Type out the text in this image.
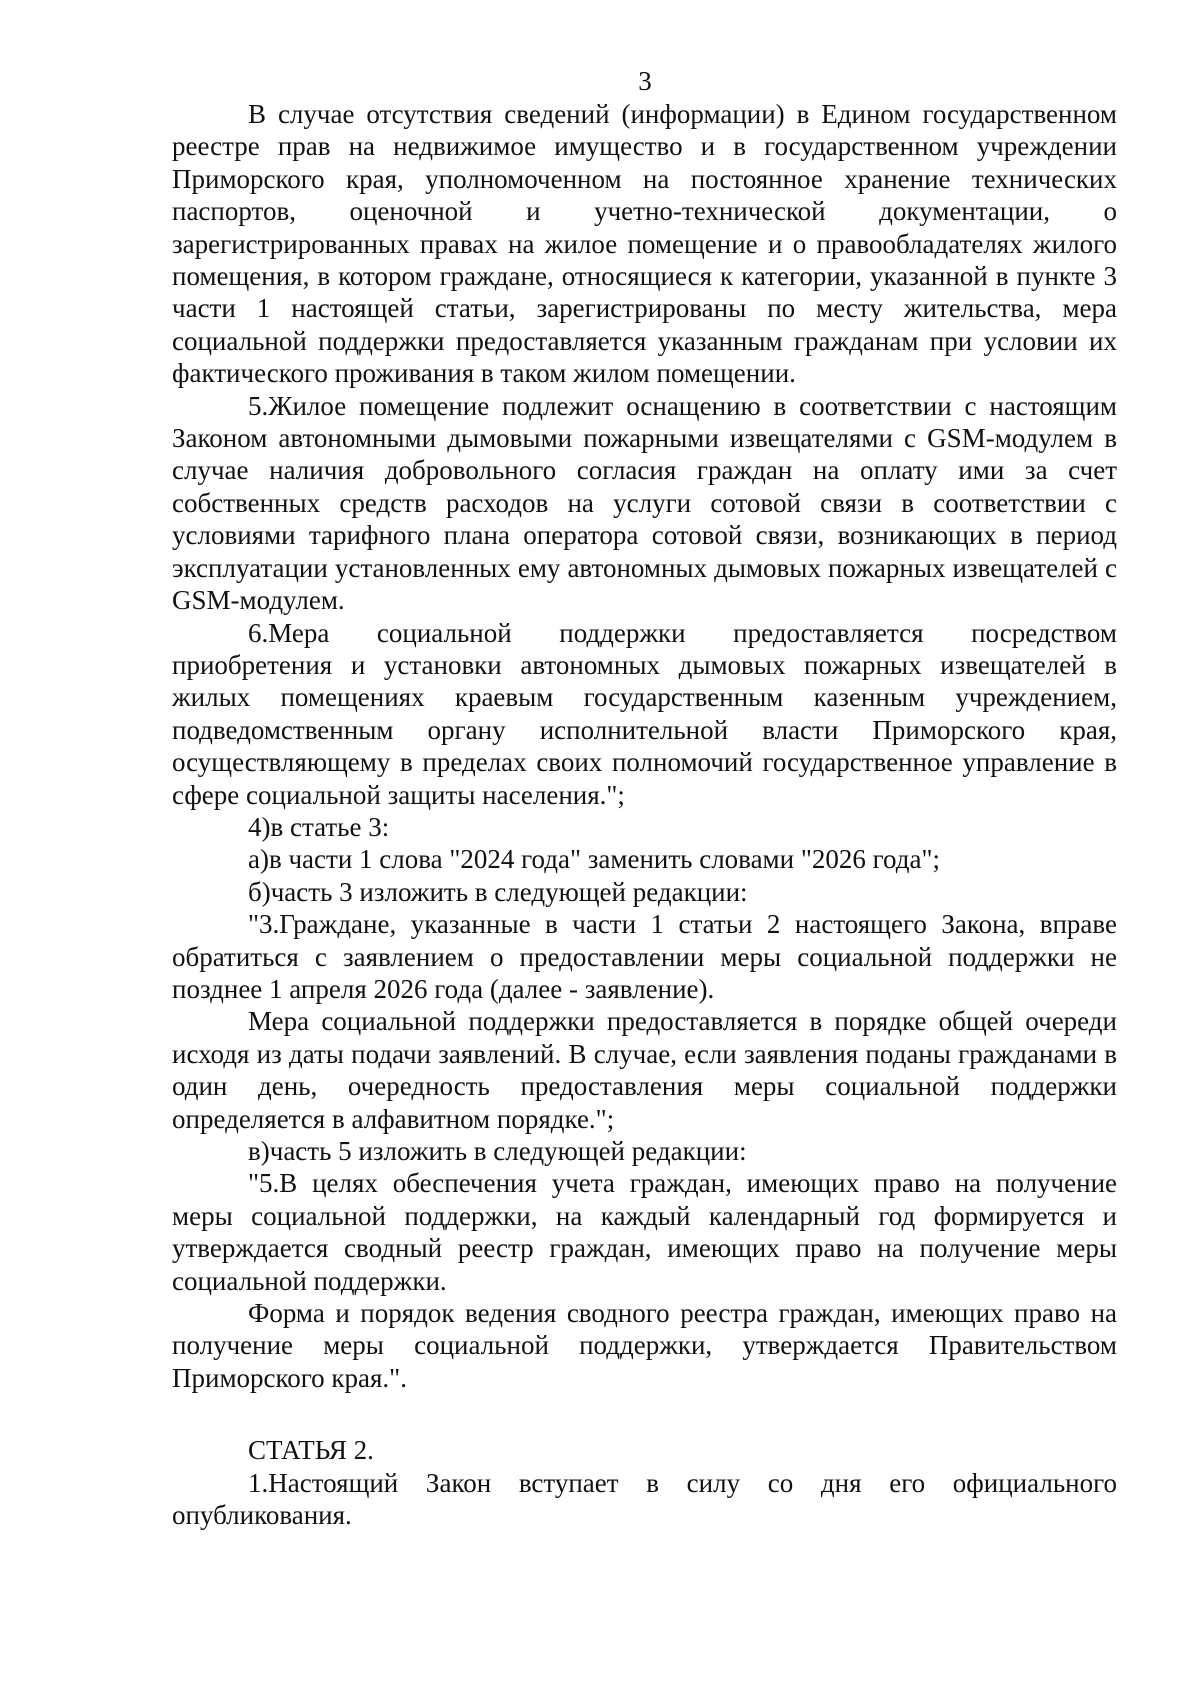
3

В случае отсутствия сведений (информации) в Едином государственном реестре прав на недвижимое имущество и в государственном учреждении Приморского края, уполномоченном на постоянное хранение технических паспортов, оценочной и учетно-технической документации, о зарегистрированных правах на жилое помещение и о правообладателях жилого помещения, в котором граждане, относящиеся к категории, указанной в пункте 3 части 1 настоящей статьи, зарегистрированы по месту жительства, мера социальной поддержки предоставляется указанным гражданам при условии их фактического проживания в таком жилом помещении.

5.Жилое помещение подлежит оснащению в соответствии с настоящим Законом автономными дымовыми пожарными извещателями с GSM-модулем в случае наличия добровольного согласия граждан на оплату ими за счет собственных средств расходов на услуги сотовой связи в соответствии с условиями тарифного плана оператора сотовой связи, возникающих в период эксплуатации установленных ему автономных дымовых пожарных извещателей с GSM-модулем.

6.Мера социальной поддержки предоставляется посредством приобретения и установки автономных дымовых пожарных извещателей в жилых помещениях краевым государственным казенным учреждением, подведомственным органу исполнительной власти Приморского края, осуществляющему в пределах своих полномочий государственное управление в сфере социальной защиты населения.";

4)в статье 3:

а)в части 1 слова "2024 года" заменить словами "2026 года";

б)часть 3 изложить в следующей редакции:

"3.Граждане, указанные в части 1 статьи 2 настоящего Закона, вправе обратиться с заявлением о предоставлении меры социальной поддержки не позднее 1 апреля 2026 года (далее - заявление).

Мера социальной поддержки предоставляется в порядке общей очереди исходя из даты подачи заявлений. В случае, если заявления поданы гражданами в один день, очередность предоставления меры социальной поддержки определяется в алфавитном порядке.";

в)часть 5 изложить в следующей редакции:

"5.В целях обеспечения учета граждан, имеющих право на получение меры социальной поддержки, на каждый календарный год формируется и утверждается сводный реестр граждан, имеющих право на получение меры социальной поддержки.

Форма и порядок ведения сводного реестра граждан, имеющих право на получение меры социальной поддержки, утверждается Правительством Приморского края.".

СТАТЬЯ 2.

1.Настоящий Закон вступает в силу со дня его официального опубликования.
